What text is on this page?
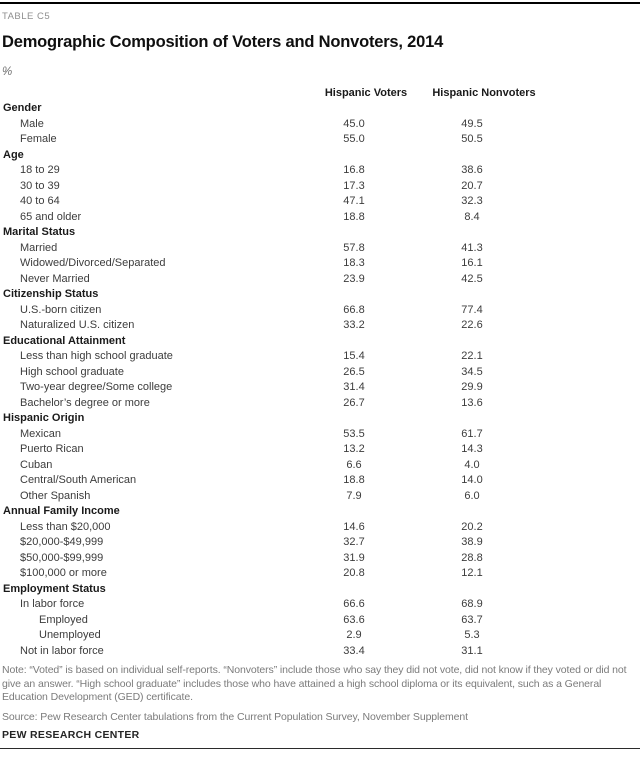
TABLE C5
Demographic Composition of Voters and Nonvoters, 2014
%
Hispanic Voters	Hispanic Nonvoters
Gender
Male	45.0	49.5
Female	55.0	50.5
Age
18 to 29	16.8	38.6
30 to 39	17.3	20.7
40 to 64	47.1	32.3
65 and older	18.8	8.4
Marital Status
Married	57.8	41.3
Widowed/Divorced/Separated	18.3	16.1
Never Married	23.9	42.5
Citizenship Status
U.S.-born citizen	66.8	77.4
Naturalized U.S. citizen	33.2	22.6
Educational Attainment
Less than high school graduate	15.4	22.1
High school graduate	26.5	34.5
Two-year degree/Some college	31.4	29.9
Bachelor’s degree or more	26.7	13.6
Hispanic Origin
Mexican	53.5	61.7
Puerto Rican	13.2	14.3
Cuban	6.6	4.0
Central/South American	18.8	14.0
Other Spanish	7.9	6.0
Annual Family Income
Less than $20,000	14.6	20.2
$20,000-$49,999	32.7	38.9
$50,000-$99,999	31.9	28.8
$100,000 or more	20.8	12.1
Employment Status
In labor force	66.6	68.9
Employed	63.6	63.7
Unemployed	2.9	5.3
Not in labor force	33.4	31.1
Note: “Voted” is based on individual self-reports. “Nonvoters” include those who say they did not vote, did not know if they voted or did not give an answer. “High school graduate” includes those who have attained a high school diploma or its equivalent, such as a General Education Development (GED) certificate.
Source: Pew Research Center tabulations from the Current Population Survey, November Supplement
PEW RESEARCH CENTER
